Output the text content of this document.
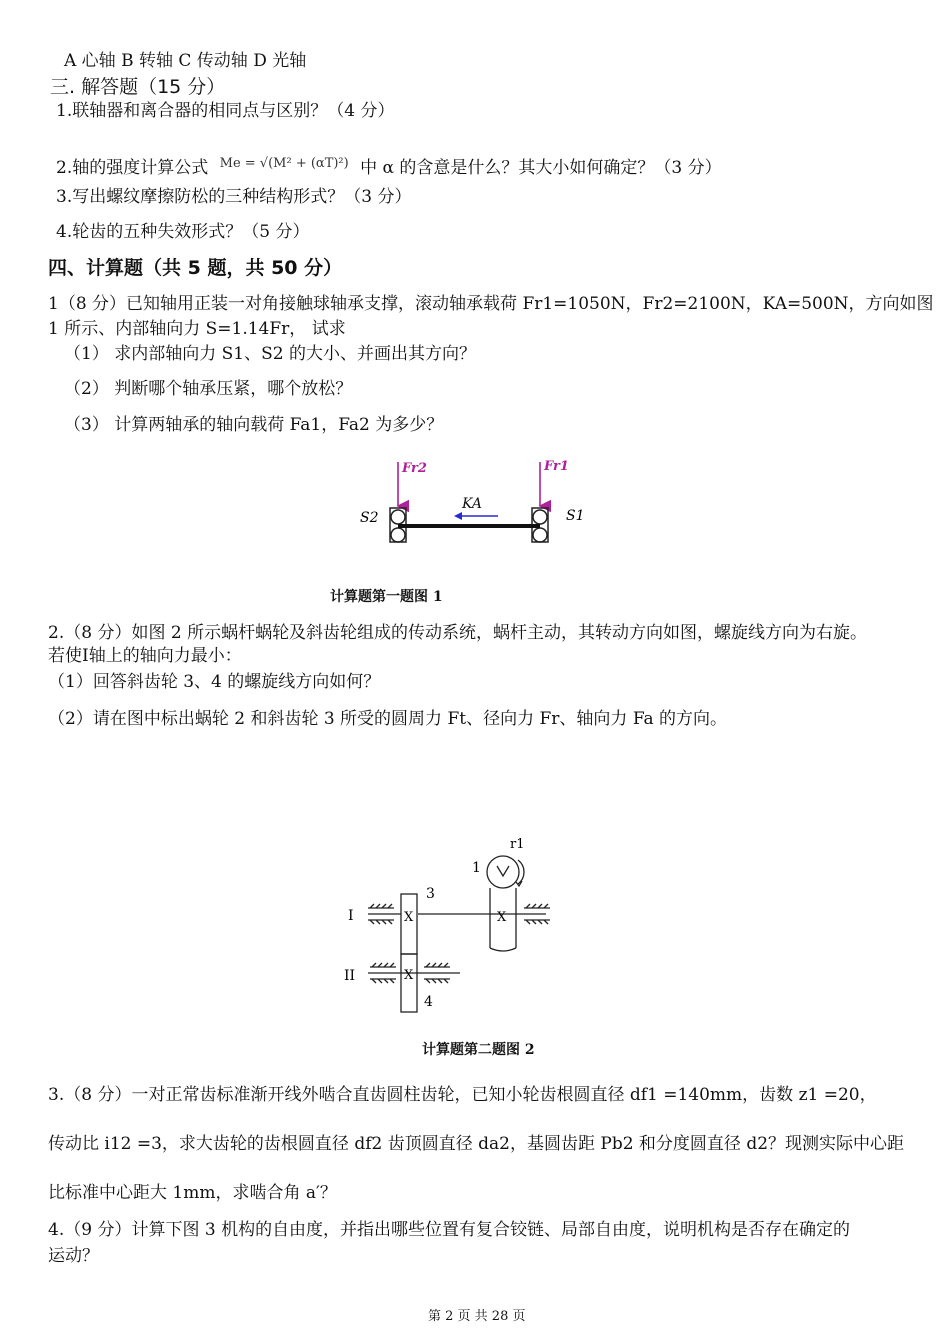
A 心轴 B 转轴 C 传动轴 D 光轴
三. 解答题（15 分）
1.联轴器和离合器的相同点与区别？（4 分）
2.轴的强度计算公式 Me = √(M² + (αT)²) 中 α 的含意是什么？其大小如何确定？（3 分）
3.写出螺纹摩擦防松的三种结构形式？（3 分）
4.轮齿的五种失效形式？（5 分）
四、计算题（共 5 题，共 50 分）
1（8 分）已知轴用正装一对角接触球轴承支撑，滚动轴承载荷 Fr1=1050N，Fr2=2100N，KA=500N，方向如图
1 所示、内部轴向力 S=1.14Fr， 试求
（1） 求内部轴向力 S1、S2 的大小、并画出其方向？
（2） 判断哪个轴承压紧，哪个放松？
（3） 计算两轴承的轴向载荷 Fa1，Fa2 为多少？
Fr2	Fr1
KA
S2	S1
计算题第一题图 1
2.（8 分）如图 2 所示蜗杆蜗轮及斜齿轮组成的传动系统，蜗杆主动，其转动方向如图，螺旋线方向为右旋。
若使Ⅰ轴上的轴向力最小：
（1）回答斜齿轮 3、4 的螺旋线方向如何？
（2）请在图中标出蜗轮 2 和斜齿轮 3 所受的圆周力 Ft、径向力 Fr、轴向力 Fa 的方向。
X
X
X
I
II
1
3
4
r1
计算题第二题图 2
3.（8 分）一对正常齿标准渐开线外啮合直齿圆柱齿轮，已知小轮齿根圆直径 df1 =140mm，齿数 z1 =20，
传动比 i12 =3，求大齿轮的齿根圆直径 df2 齿顶圆直径 da2，基圆齿距 Pb2 和分度圆直径 d2？现测实际中心距
比标准中心距大 1mm，求啮合角 a′？
4.（9 分）计算下图 3 机构的自由度，并指出哪些位置有复合铰链、局部自由度，说明机构是否存在确定的
运动？
第 2 页 共 28 页
